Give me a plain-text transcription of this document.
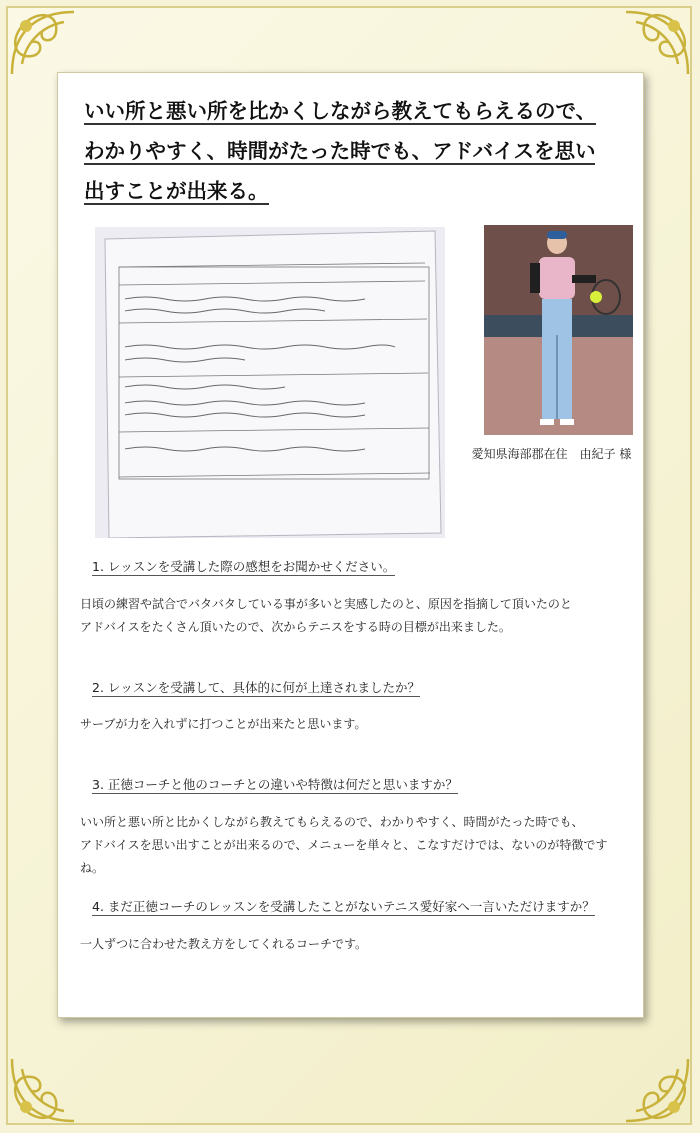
いい所と悪い所を比かくしながら教えてもらえるので、
わかりやすく、時間がたった時でも、アドバイスを思い
出すことが出来る。
愛知県海部郡在住　由紀子 様
1. レッスンを受講した際の感想をお聞かせください。
日頃の練習や試合でバタバタしている事が多いと実感したのと、原因を指摘して頂いたのと
アドバイスをたくさん頂いたので、次からテニスをする時の目標が出来ました。
2. レッスンを受講して、具体的に何が上達されましたか？
サーブが力を入れずに打つことが出来たと思います。
3. 正徳コーチと他のコーチとの違いや特徴は何だと思いますか？
いい所と悪い所と比かくしながら教えてもらえるので、わかりやすく、時間がたった時でも、
アドバイスを思い出すことが出来るので、メニューを単々と、こなすだけでは、ないのが特徴ですね。
4. まだ正徳コーチのレッスンを受講したことがないテニス愛好家へ一言いただけますか？
一人ずつに合わせた教え方をしてくれるコーチです。
